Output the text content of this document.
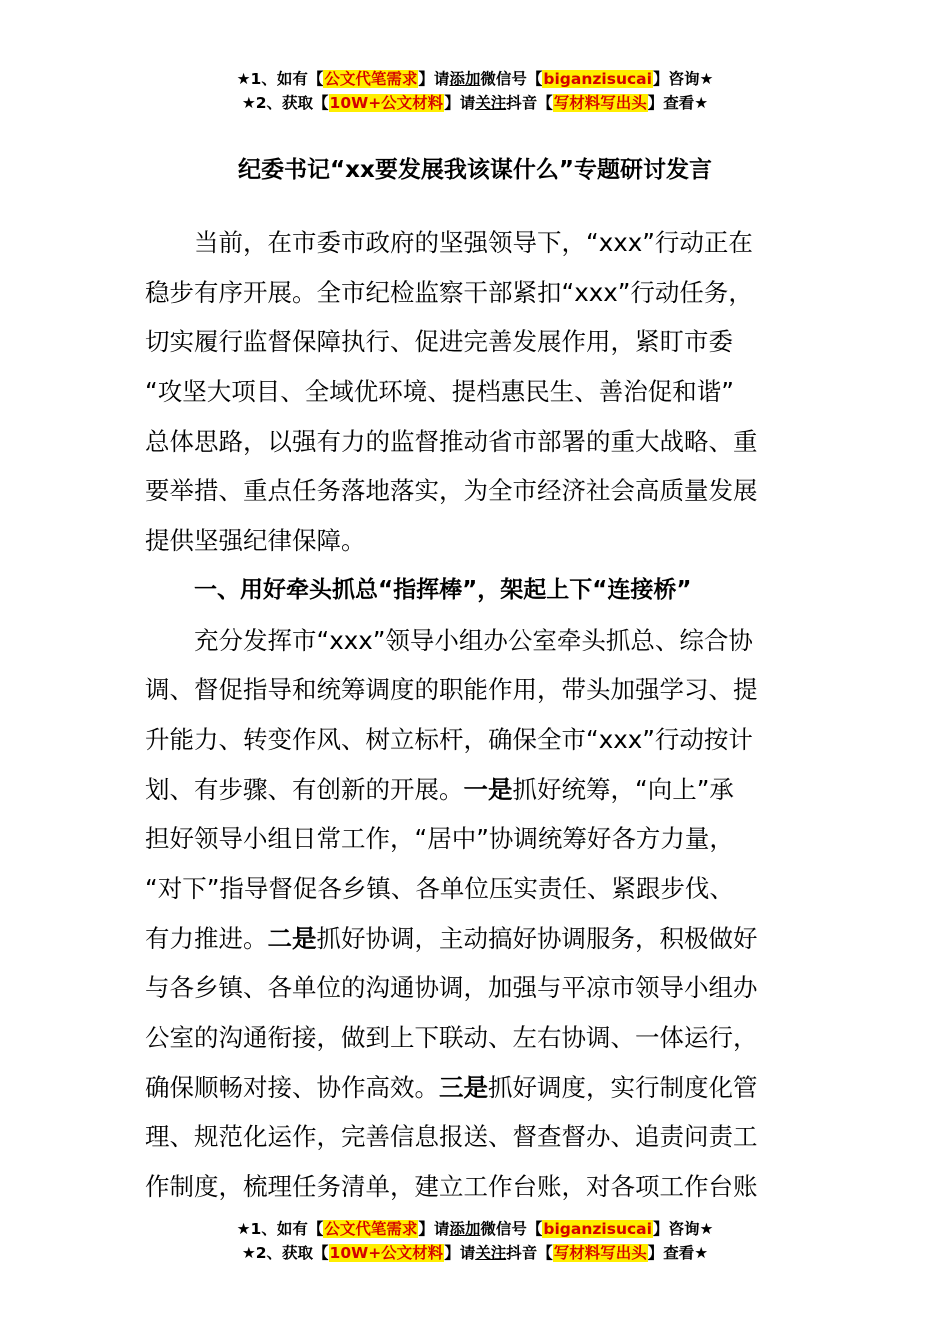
★1、如有【公文代笔需求】请添加微信号【biganzisucai】咨询★
★2、获取【10W+公文材料】请关注抖音【写材料写出头】查看★
纪委书记“xx要发展我该谋什么”专题研讨发言
当前，在市委市政府的坚强领导下，“xxx”行动正在
稳步有序开展。全市纪检监察干部紧扣“xxx”行动任务，
切实履行监督保障执行、促进完善发展作用，紧盯市委
“攻坚大项目、全域优环境、提档惠民生、善治促和谐”
总体思路，以强有力的监督推动省市部署的重大战略、重
要举措、重点任务落地落实，为全市经济社会高质量发展
提供坚强纪律保障。
一、用好牵头抓总“指挥棒”，架起上下“连接桥”
充分发挥市“xxx”领导小组办公室牵头抓总、综合协
调、督促指导和统筹调度的职能作用，带头加强学习、提
升能力、转变作风、树立标杆，确保全市“xxx”行动按计
划、有步骤、有创新的开展。一是抓好统筹，“向上”承
担好领导小组日常工作，“居中”协调统筹好各方力量，
“对下”指导督促各乡镇、各单位压实责任、紧跟步伐、
有力推进。二是抓好协调，主动搞好协调服务，积极做好
与各乡镇、各单位的沟通协调，加强与平凉市领导小组办
公室的沟通衔接，做到上下联动、左右协调、一体运行，
确保顺畅对接、协作高效。三是抓好调度，实行制度化管
理、规范化运作，完善信息报送、督查督办、追责问责工
作制度，梳理任务清单，建立工作台账，对各项工作台账
★1、如有【公文代笔需求】请添加微信号【biganzisucai】咨询★
★2、获取【10W+公文材料】请关注抖音【写材料写出头】查看★
